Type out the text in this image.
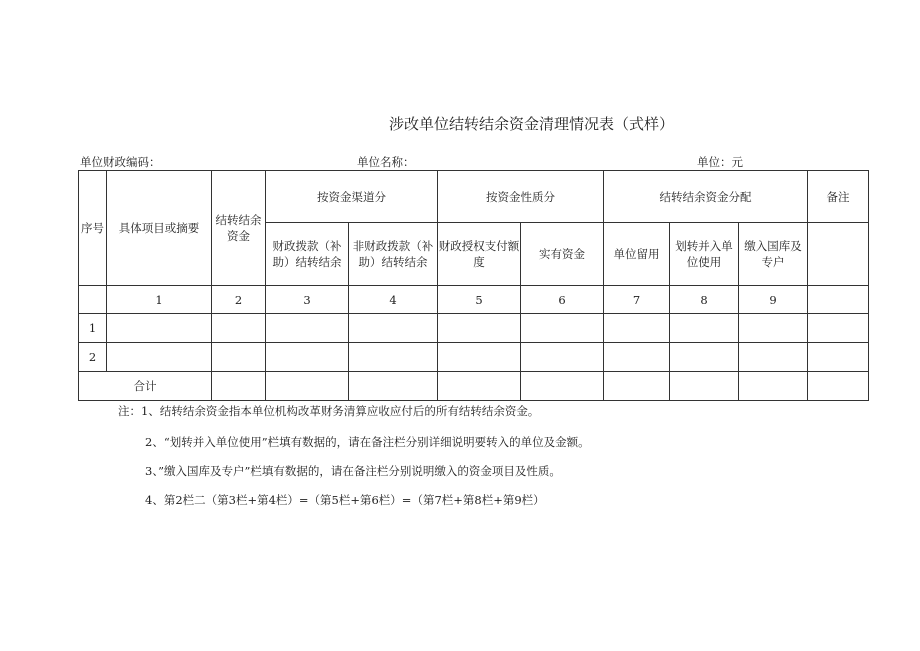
涉改单位结转结余资金清理情况表（式样）
单位财政编码：	单位名称：	单位：元
序号	具体项目或摘要	结转结余资金	按资金渠道分		按资金性质分		结转结余资金分配			备注
			财政拨款（补助）结转结余	非财政拨款（补助）结转结余	财政授权支付额度	实有资金	单位留用	划转并入单位使用	缴入国库及专户	
	1	2	3	4	5	6	7	8	9	
1										
2										
合计										
注：1、结转结余资金指本单位机构改革财务清算应收应付后的所有结转结余资金。
2、“划转并入单位使用”栏填有数据的，请在备注栏分别详细说明要转入的单位及金额。
3、”缴入国库及专户”栏填有数据的，请在备注栏分别说明缴入的资金项目及性质。
4、第2栏二（第3栏+第4栏）=（第5栏+第6栏）=（第7栏+第8栏+第9栏）
